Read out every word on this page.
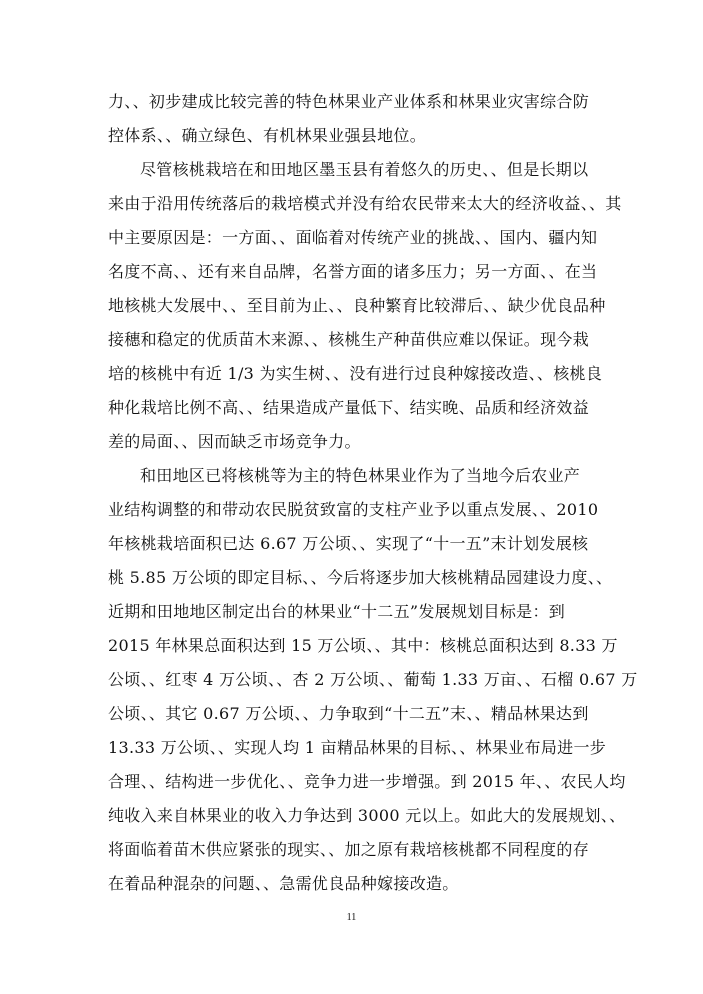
力、、初步建成比较完善的特色林果业产业体系和林果业灾害综合防
控体系、、确立绿色、有机林果业强县地位。
尽管核桃栽培在和田地区墨玉县有着悠久的历史、、但是长期以
来由于沿用传统落后的栽培模式并没有给农民带来太大的经济收益、、其
中主要原因是：一方面、、面临着对传统产业的挑战、、国内、疆内知
名度不高、、还有来自品牌，名誉方面的诸多压力；另一方面、、在当
地核桃大发展中、、至目前为止、、良种繁育比较滞后、、缺少优良品种
接穗和稳定的优质苗木来源、、核桃生产种苗供应难以保证。现今栽
培的核桃中有近 1/3 为实生树、、没有进行过良种嫁接改造、、核桃良
种化栽培比例不高、、结果造成产量低下、结实晚、品质和经济效益
差的局面、、因而缺乏市场竞争力。
和田地区已将核桃等为主的特色林果业作为了当地今后农业产
业结构调整的和带动农民脱贫致富的支柱产业予以重点发展、、2010
年核桃栽培面积已达 6.67 万公顷、、实现了“十一五”末计划发展核
桃 5.85 万公顷的即定目标、、今后将逐步加大核桃精品园建设力度、、
近期和田地地区制定出台的林果业“十二五”发展规划目标是：到
2015 年林果总面积达到 15 万公顷、、其中：核桃总面积达到 8.33 万
公顷、、红枣 4 万公顷、、杏 2 万公顷、、葡萄 1.33 万亩、、石榴 0.67 万
公顷、、其它 0.67 万公顷、、力争取到“十二五”末、、精品林果达到
13.33 万公顷、、实现人均 1 亩精品林果的目标、、林果业布局进一步
合理、、结构进一步优化、、竞争力进一步增强。到 2015 年、、农民人均
纯收入来自林果业的收入力争达到 3000 元以上。如此大的发展规划、、
将面临着苗木供应紧张的现实、、加之原有栽培核桃都不同程度的存
在着品种混杂的问题、、急需优良品种嫁接改造。
11
